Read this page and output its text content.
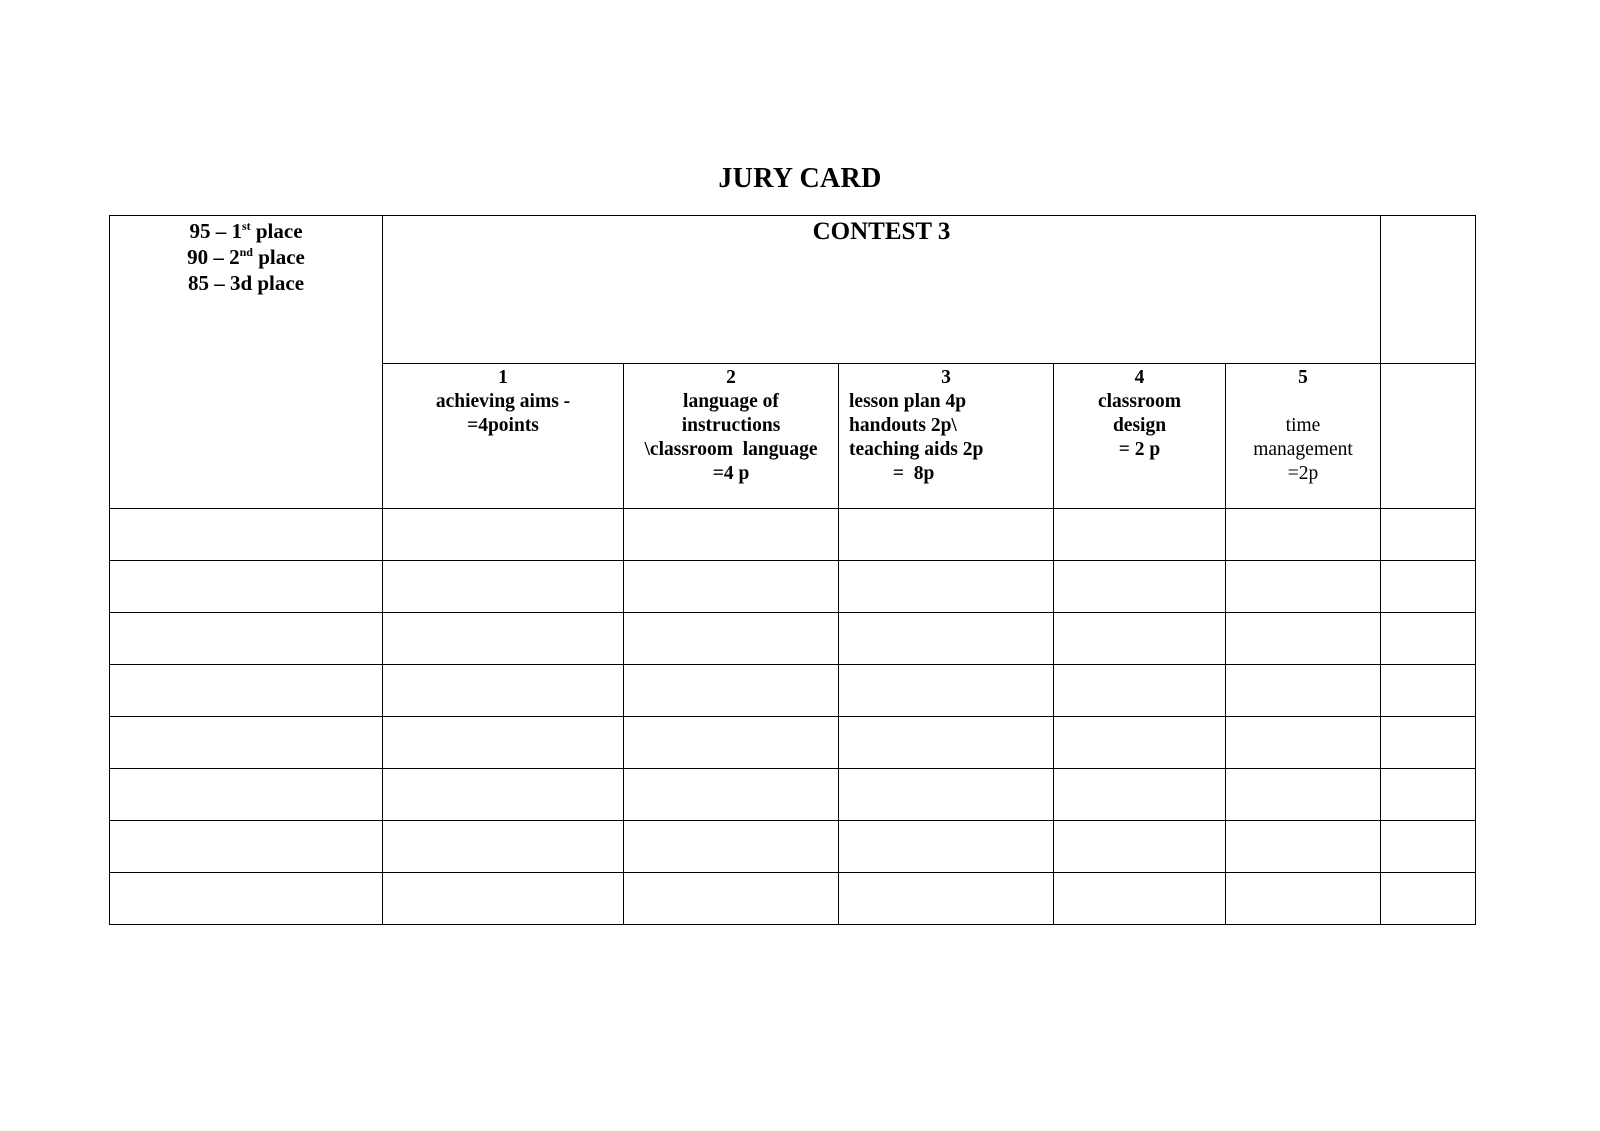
JURY CARD
95 – 1st place
90 – 2nd place
85 – 3d place	CONTEST 3					

	1
achieving aims -
=4points	2
language of
instructions
\classroom  language
=4 p	3
lesson plan 4p
handouts 2p\
teaching aids 2p
=  8p	4
classroom
design
= 2 p	5

time
management
=2p	
